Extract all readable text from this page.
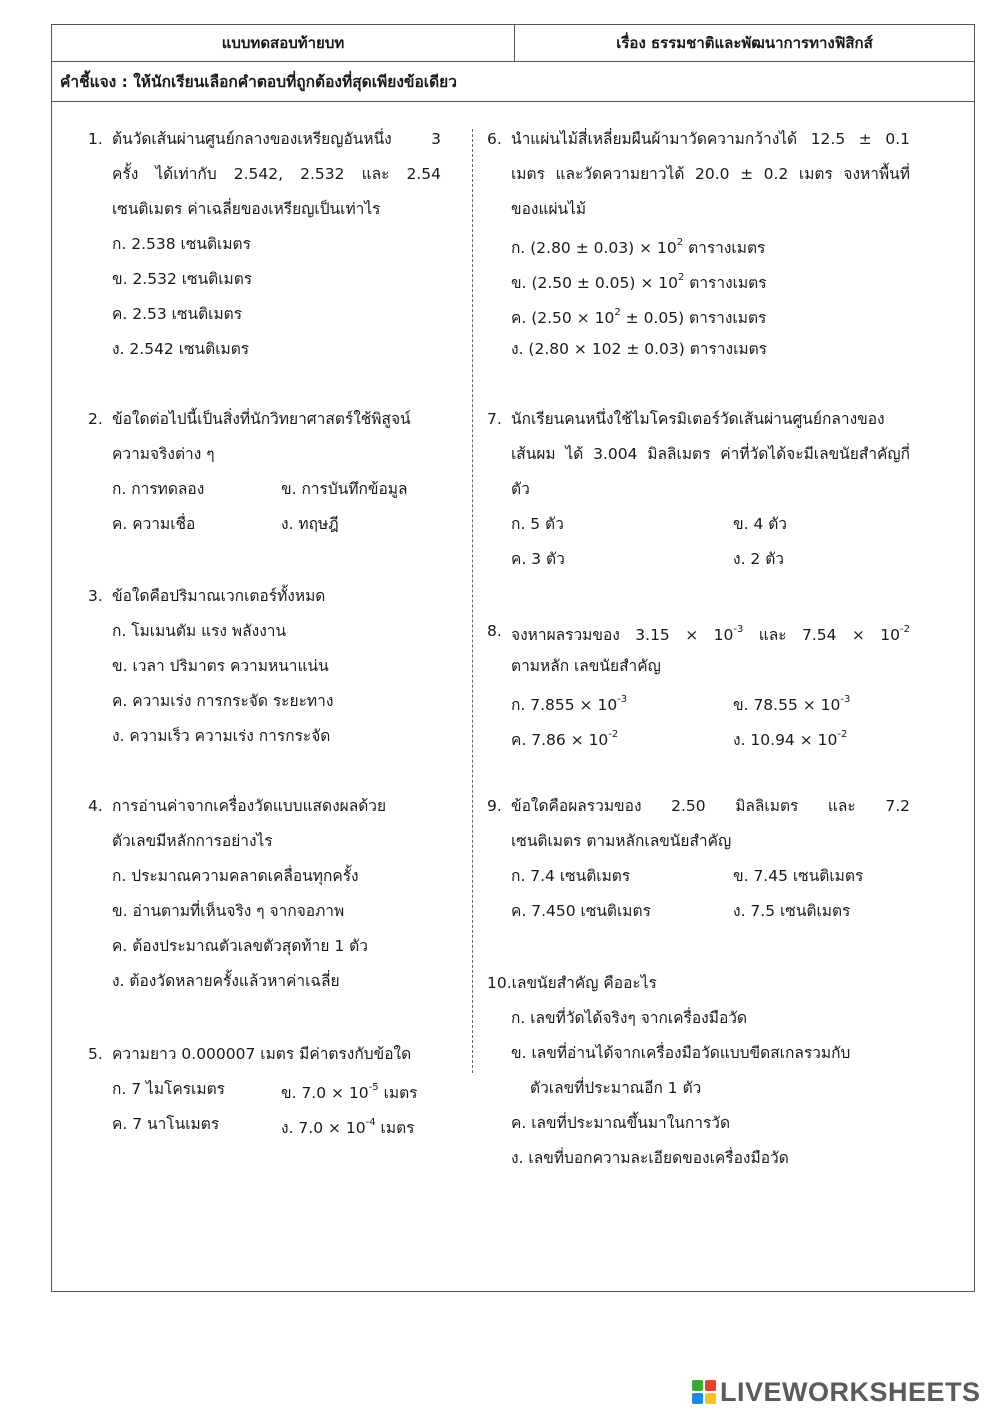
แบบทดสอบท้ายบท	เรื่อง ธรรมชาติและพัฒนาการทางฟิสิกส์
คำชี้แจง : ให้นักเรียนเลือกคำตอบที่ถูกต้องที่สุดเพียงข้อเดียว
1. ต้นวัดเส้นผ่านศูนย์กลางของเหรียญอันหนึ่ง 3
ครั้ง ได้เท่ากับ 2.542, 2.532 และ 2.54
เซนติเมตร ค่าเฉลี่ยของเหรียญเป็นเท่าไร
ก. 2.538 เซนติเมตร
ข. 2.532 เซนติเมตร
ค. 2.53 เซนติเมตร
ง. 2.542 เซนติเมตร
2. ข้อใดต่อไปนี้เป็นสิ่งที่นักวิทยาศาสตร์ใช้พิสูจน์
ความจริงต่าง ๆ
ก. การทดลอง	ข. การบันทึกข้อมูล
ค. ความเชื่อ	ง. ทฤษฎี
3. ข้อใดคือปริมาณเวกเตอร์ทั้งหมด
ก. โมเมนตัม แรง พลังงาน
ข. เวลา ปริมาตร ความหนาแน่น
ค. ความเร่ง การกระจัด ระยะทาง
ง. ความเร็ว ความเร่ง การกระจัด
4. การอ่านค่าจากเครื่องวัดแบบแสดงผลด้วย
ตัวเลขมีหลักการอย่างไร
ก. ประมาณความคลาดเคลื่อนทุกครั้ง
ข. อ่านตามที่เห็นจริง ๆ จากจอภาพ
ค. ต้องประมาณตัวเลขตัวสุดท้าย 1 ตัว
ง. ต้องวัดหลายครั้งแล้วหาค่าเฉลี่ย
5. ความยาว 0.000007 เมตร มีค่าตรงกับข้อใด
ก. 7 ไมโครเมตร	ข. $7.0 \times 10^{-5}$ เมตร
ค. 7 นาโนเมตร	ง. $7.0 \times 10^{-4}$ เมตร
6. นำแผ่นไม้สี่เหลี่ยมผืนผ้ามาวัดความกว้างได้ 12.5 ± 0.1
เมตร และวัดความยาวได้ 20.0 ± 0.2 เมตร จงหาพื้นที่
ของแผ่นไม้
ก. $(2.80 \pm 0.03) \times 10^2$ ตารางเมตร
ข. $(2.50 \pm 0.05) \times 10^2$ ตารางเมตร
ค. $(2.50 \times 10^2 \pm 0.05)$ ตารางเมตร
ง. (2.80 × 102 ± 0.03) ตารางเมตร
7. นักเรียนคนหนึ่งใช้ไมโครมิเตอร์วัดเส้นผ่านศูนย์กลางของ
เส้นผม ได้ 3.004 มิลลิเมตร ค่าที่วัดได้จะมีเลขนัยสำคัญกี่
ตัว
ก. 5 ตัว	ข. 4 ตัว
ค. 3 ตัว	ง. 2 ตัว
8. จงหาผลรวมของ $3.15 \times 10^{-3}$ และ $7.54 \times 10^{-2}$
ตามหลัก เลขนัยสำคัญ
ก. $7.855 \times 10^{-3}$	ข. $78.55 \times 10^{-3}$
ค. $7.86 \times 10^{-2}$	ง. $10.94 \times 10^{-2}$
9. ข้อใดคือผลรวมของ 2.50 มิลลิเมตร และ 7.2
เซนติเมตร ตามหลักเลขนัยสำคัญ
ก. 7.4 เซนติเมตร	ข. 7.45 เซนติเมตร
ค. 7.450 เซนติเมตร	ง. 7.5 เซนติเมตร
10.เลขนัยสำคัญ คืออะไร
ก. เลขที่วัดได้จริงๆ จากเครื่องมือวัด
ข. เลขที่อ่านได้จากเครื่องมือวัดแบบขีดสเกลรวมกับ
ตัวเลขที่ประมาณอีก 1 ตัว
ค. เลขที่ประมาณขึ้นมาในการวัด
ง. เลขที่บอกความละเอียดของเครื่องมือวัด
LIVEWORKSHEETS
